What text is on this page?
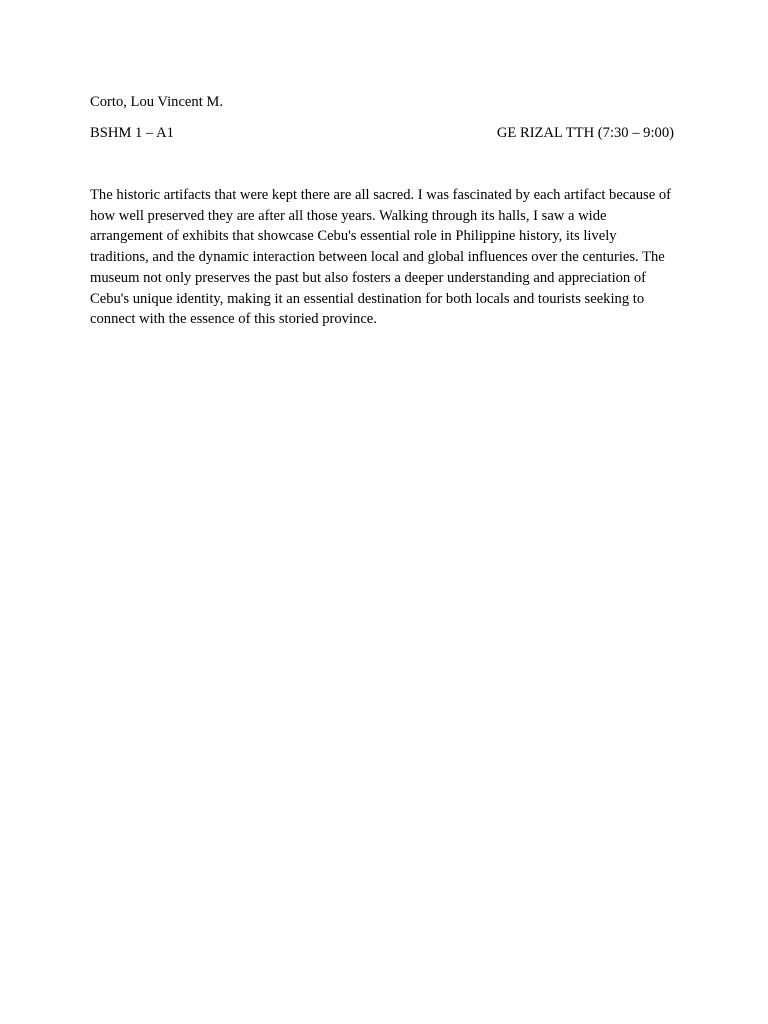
Corto, Lou Vincent M.
BSHM 1 – A1	GE RIZAL TTH (7:30 – 9:00)

The historic artifacts that were kept there are all sacred. I was fascinated by each artifact because of how well preserved they are after all those years. Walking through its halls, I saw a wide arrangement of exhibits that showcase Cebu's essential role in Philippine history, its lively traditions, and the dynamic interaction between local and global influences over the centuries. The museum not only preserves the past but also fosters a deeper understanding and appreciation of Cebu's unique identity, making it an essential destination for both locals and tourists seeking to connect with the essence of this storied province.
